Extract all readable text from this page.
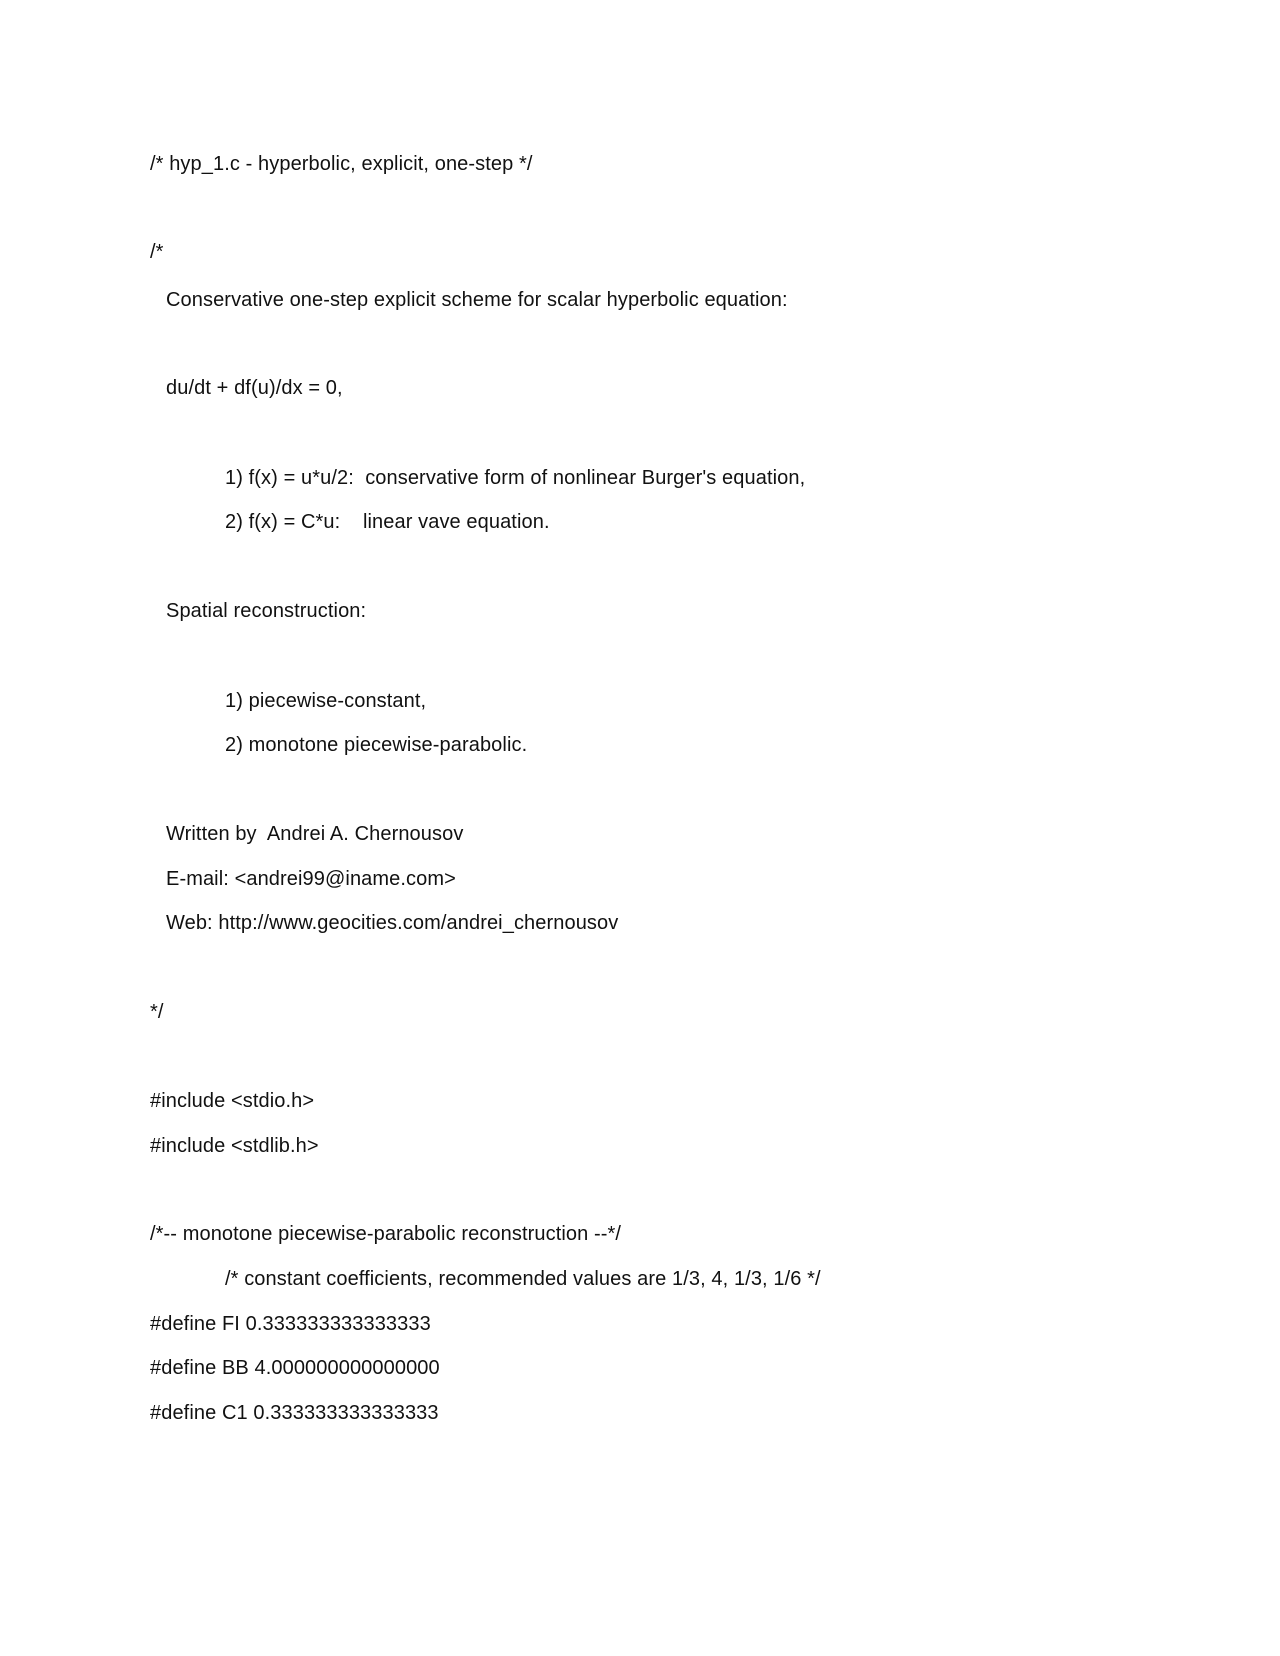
/* hyp_1.c - hyperbolic, explicit, one-step */
/*
Conservative one-step explicit scheme for scalar hyperbolic equation:
du/dt + df(u)/dx = 0,
1) f(x) = u*u/2:  conservative form of nonlinear Burger's equation,
2) f(x) = C*u:    linear vave equation.
Spatial reconstruction:
1) piecewise-constant,
2) monotone piecewise-parabolic.
Written by  Andrei A. Chernousov
E-mail: <andrei99@iname.com>
Web: http://www.geocities.com/andrei_chernousov
*/
#include <stdio.h>
#include <stdlib.h>
/*-- monotone piecewise-parabolic reconstruction --*/
/* constant coefficients, recommended values are 1/3, 4, 1/3, 1/6 */
#define FI 0.333333333333333
#define BB 4.000000000000000
#define C1 0.333333333333333
